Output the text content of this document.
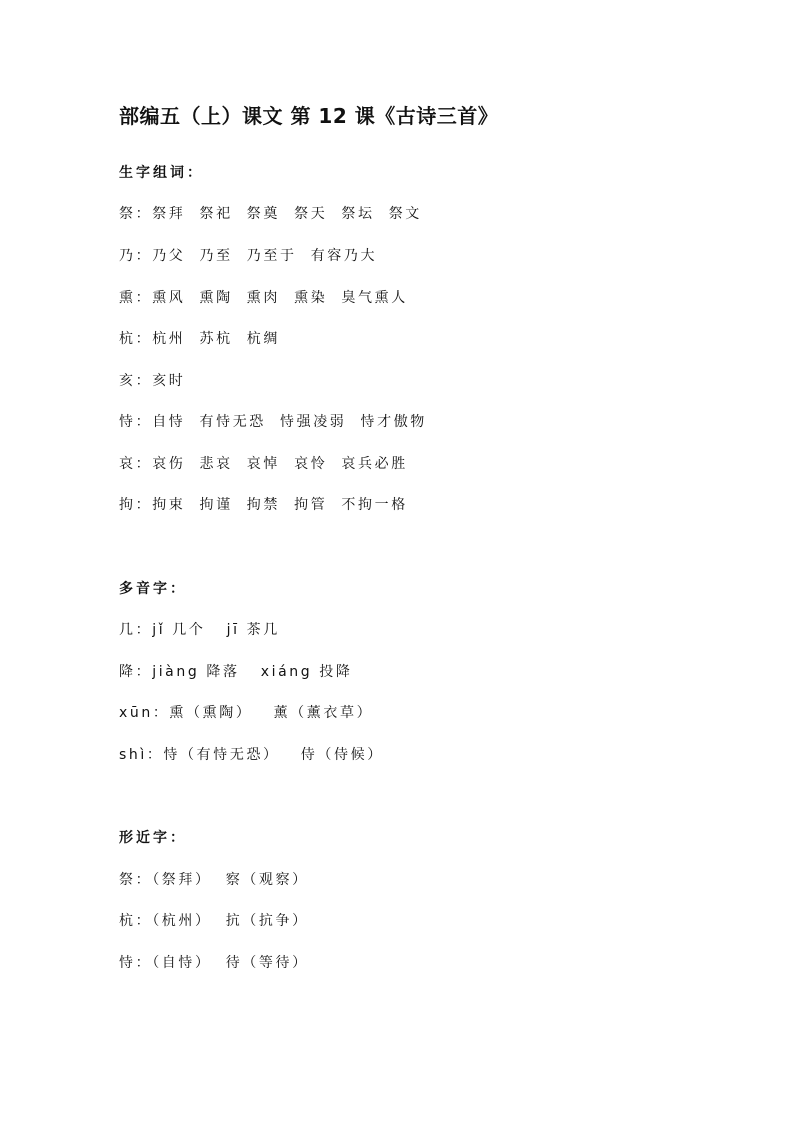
部编五（上）课文 第 12 课《古诗三首》
生字组词：
祭：祭拜  祭祀  祭奠  祭天  祭坛  祭文
乃：乃父  乃至  乃至于  有容乃大
熏：熏风  熏陶  熏肉  熏染  臭气熏人
杭：杭州  苏杭  杭绸
亥：亥时
恃：自恃  有恃无恐  恃强凌弱  恃才傲物
哀：哀伤  悲哀  哀悼  哀怜  哀兵必胜
拘：拘束  拘谨  拘禁  拘管  不拘一格
多音字：
几：jǐ 几个   jī 茶几
降：jiàng 降落   xiáng 投降
xūn：熏（熏陶）   薰（薰衣草）
shì：恃（有恃无恐）   侍（侍候）
形近字：
祭：（祭拜）  察（观察）
杭：（杭州）  抗（抗争）
恃：（自恃）  待（等待）
